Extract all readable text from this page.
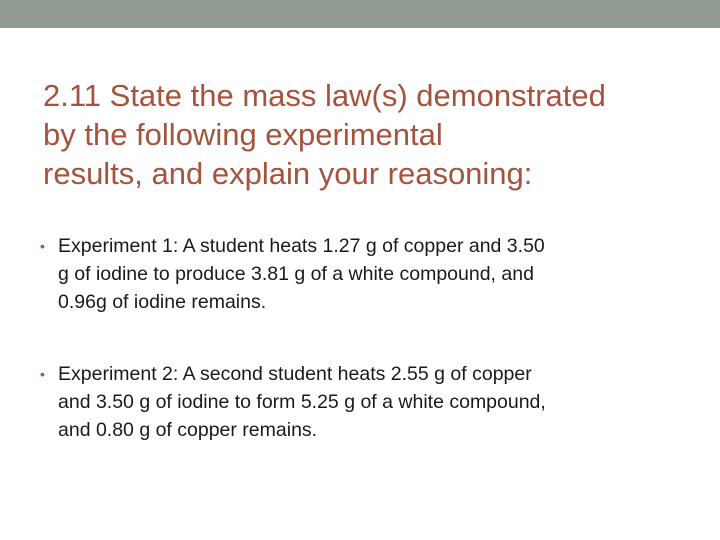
2.11 State the mass law(s) demonstrated
by the following experimental
results, and explain your reasoning:
• Experiment 1: A student heats 1.27 g of copper and 3.50
g of iodine to produce 3.81 g of a white compound, and
0.96g of iodine remains.
• Experiment 2: A second student heats 2.55 g of copper
and 3.50 g of iodine to form 5.25 g of a white compound,
and 0.80 g of copper remains.
